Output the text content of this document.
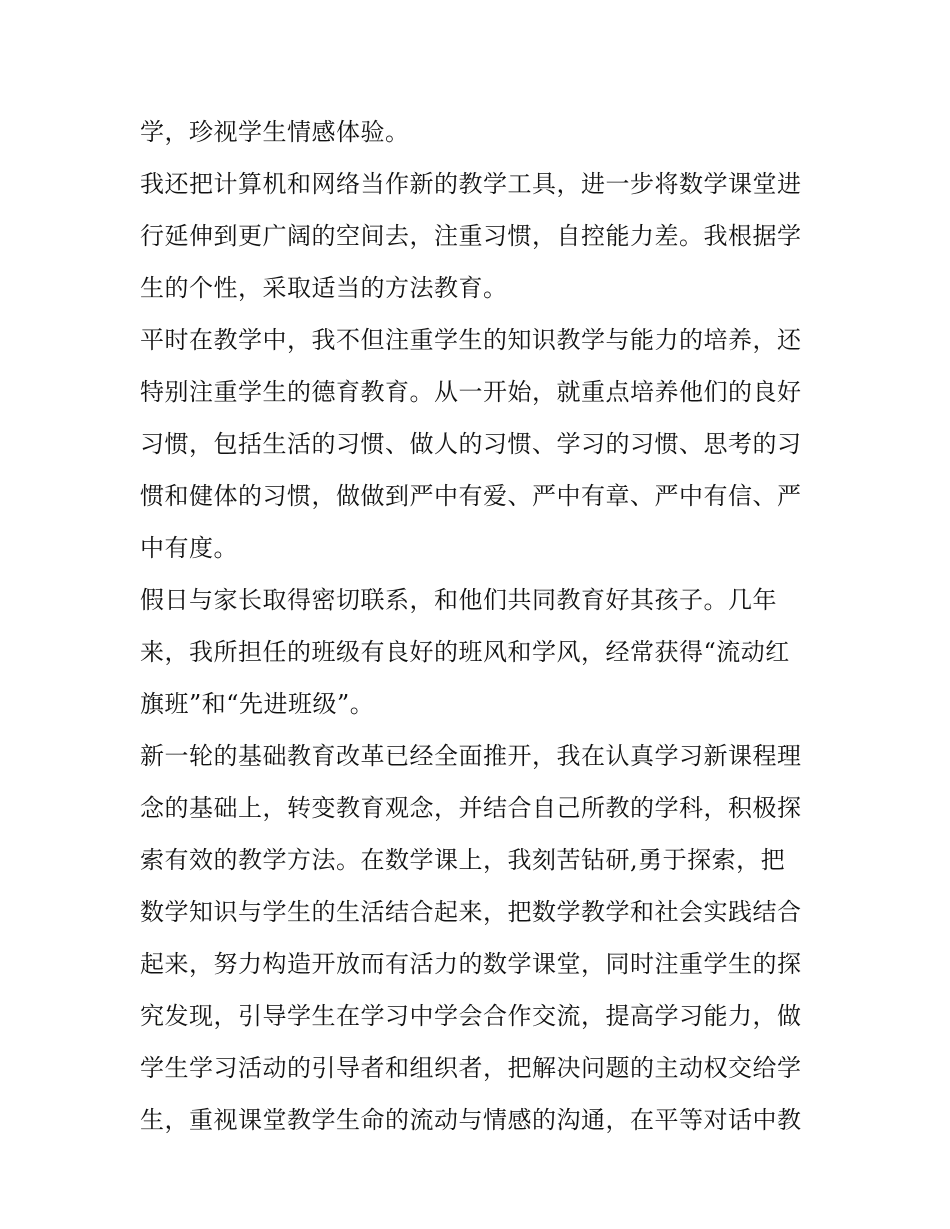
学，珍视学生情感体验。
我还把计算机和网络当作新的教学工具，进一步将数学课堂进
行延伸到更广阔的空间去，注重习惯，自控能力差。我根据学
生的个性，采取适当的方法教育。
平时在教学中，我不但注重学生的知识教学与能力的培养，还
特别注重学生的德育教育。从一开始，就重点培养他们的良好
习惯，包括生活的习惯、做人的习惯、学习的习惯、思考的习
惯和健体的习惯，做做到严中有爱、严中有章、严中有信、严
中有度。
假日与家长取得密切联系，和他们共同教育好其孩子。几年
来，我所担任的班级有良好的班风和学风，经常获得“流动红
旗班”和“先进班级”。
新一轮的基础教育改革已经全面推开，我在认真学习新课程理
念的基础上，转变教育观念，并结合自己所教的学科，积极探
索有效的教学方法。在数学课上，我刻苦钻研,勇于探索，把
数学知识与学生的生活结合起来，把数学教学和社会实践结合
起来，努力构造开放而有活力的数学课堂，同时注重学生的探
究发现，引导学生在学习中学会合作交流，提高学习能力，做
学生学习活动的引导者和组织者，把解决问题的主动权交给学
生，重视课堂教学生命的流动与情感的沟通，在平等对话中教
